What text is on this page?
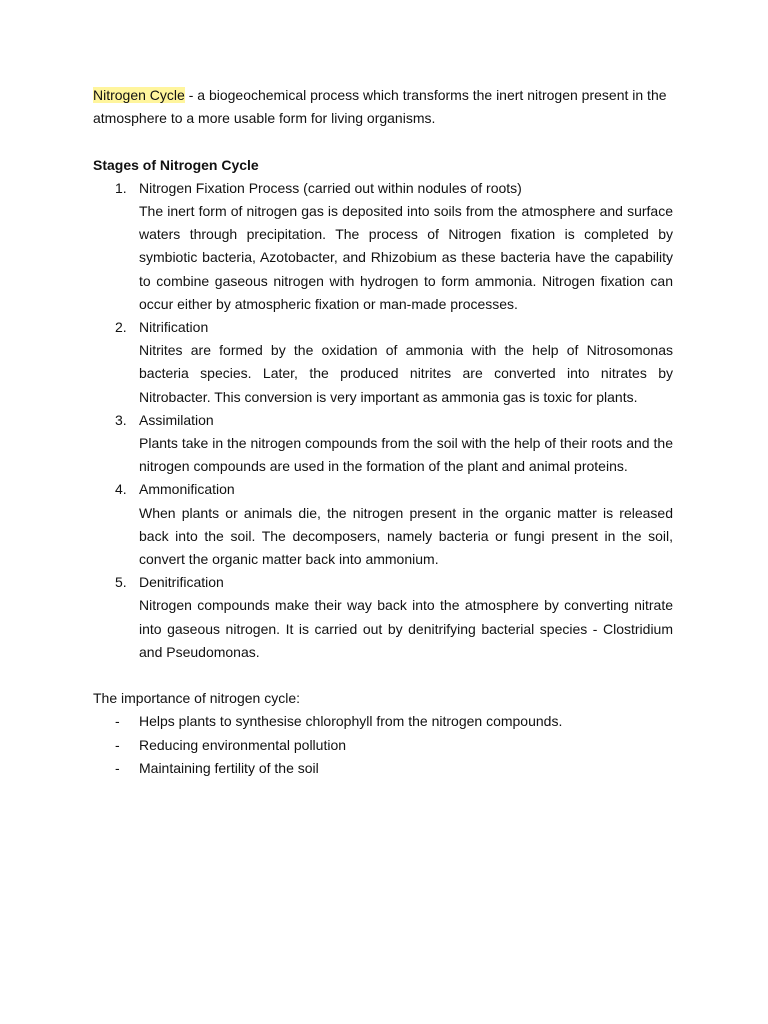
Nitrogen Cycle - a biogeochemical process which transforms the inert nitrogen present in the atmosphere to a more usable form for living organisms.

Stages of Nitrogen Cycle

1. Nitrogen Fixation Process (carried out within nodules of roots)

The inert form of nitrogen gas is deposited into soils from the atmosphere and surface waters through precipitation. The process of Nitrogen fixation is completed by symbiotic bacteria, Azotobacter, and Rhizobium as these bacteria have the capability to combine gaseous nitrogen with hydrogen to form ammonia. Nitrogen fixation can occur either by atmospheric fixation or man-made processes.

2. Nitrification

Nitrites are formed by the oxidation of ammonia with the help of Nitrosomonas bacteria species. Later, the produced nitrites are converted into nitrates by Nitrobacter. This conversion is very important as ammonia gas is toxic for plants.

3. Assimilation

Plants take in the nitrogen compounds from the soil with the help of their roots and the nitrogen compounds are used in the formation of the plant and animal proteins.

4. Ammonification

When plants or animals die, the nitrogen present in the organic matter is released back into the soil. The decomposers, namely bacteria or fungi present in the soil, convert the organic matter back into ammonium.

5. Denitrification

Nitrogen compounds make their way back into the atmosphere by converting nitrate into gaseous nitrogen. It is carried out by denitrifying bacterial species - Clostridium and Pseudomonas.

The importance of nitrogen cycle:

- Helps plants to synthesise chlorophyll from the nitrogen compounds.
- Reducing environmental pollution
- Maintaining fertility of the soil
